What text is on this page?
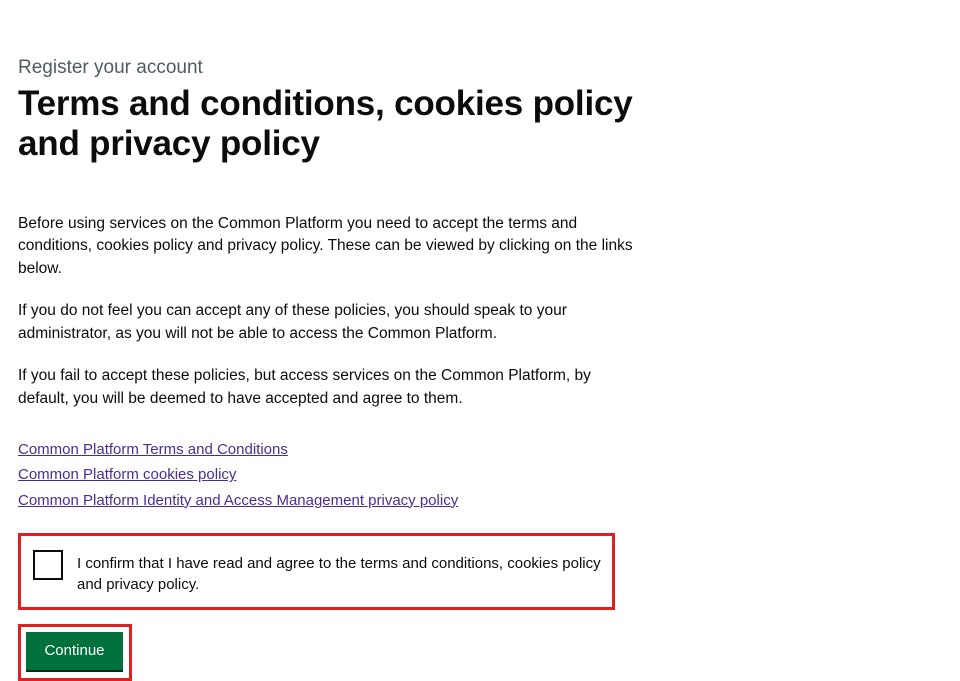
Register your account

Terms and conditions, cookies policy and privacy policy

Before using services on the Common Platform you need to accept the terms and conditions, cookies policy and privacy policy. These can be viewed by clicking on the links below.

If you do not feel you can accept any of these policies, you should speak to your administrator, as you will not be able to access the Common Platform.

If you fail to accept these policies, but access services on the Common Platform, by default, you will be deemed to have accepted and agree to them.

Common Platform Terms and Conditions
Common Platform cookies policy
Common Platform Identity and Access Management privacy policy
I confirm that I have read and agree to the terms and conditions, cookies policy and privacy policy.
Continue
